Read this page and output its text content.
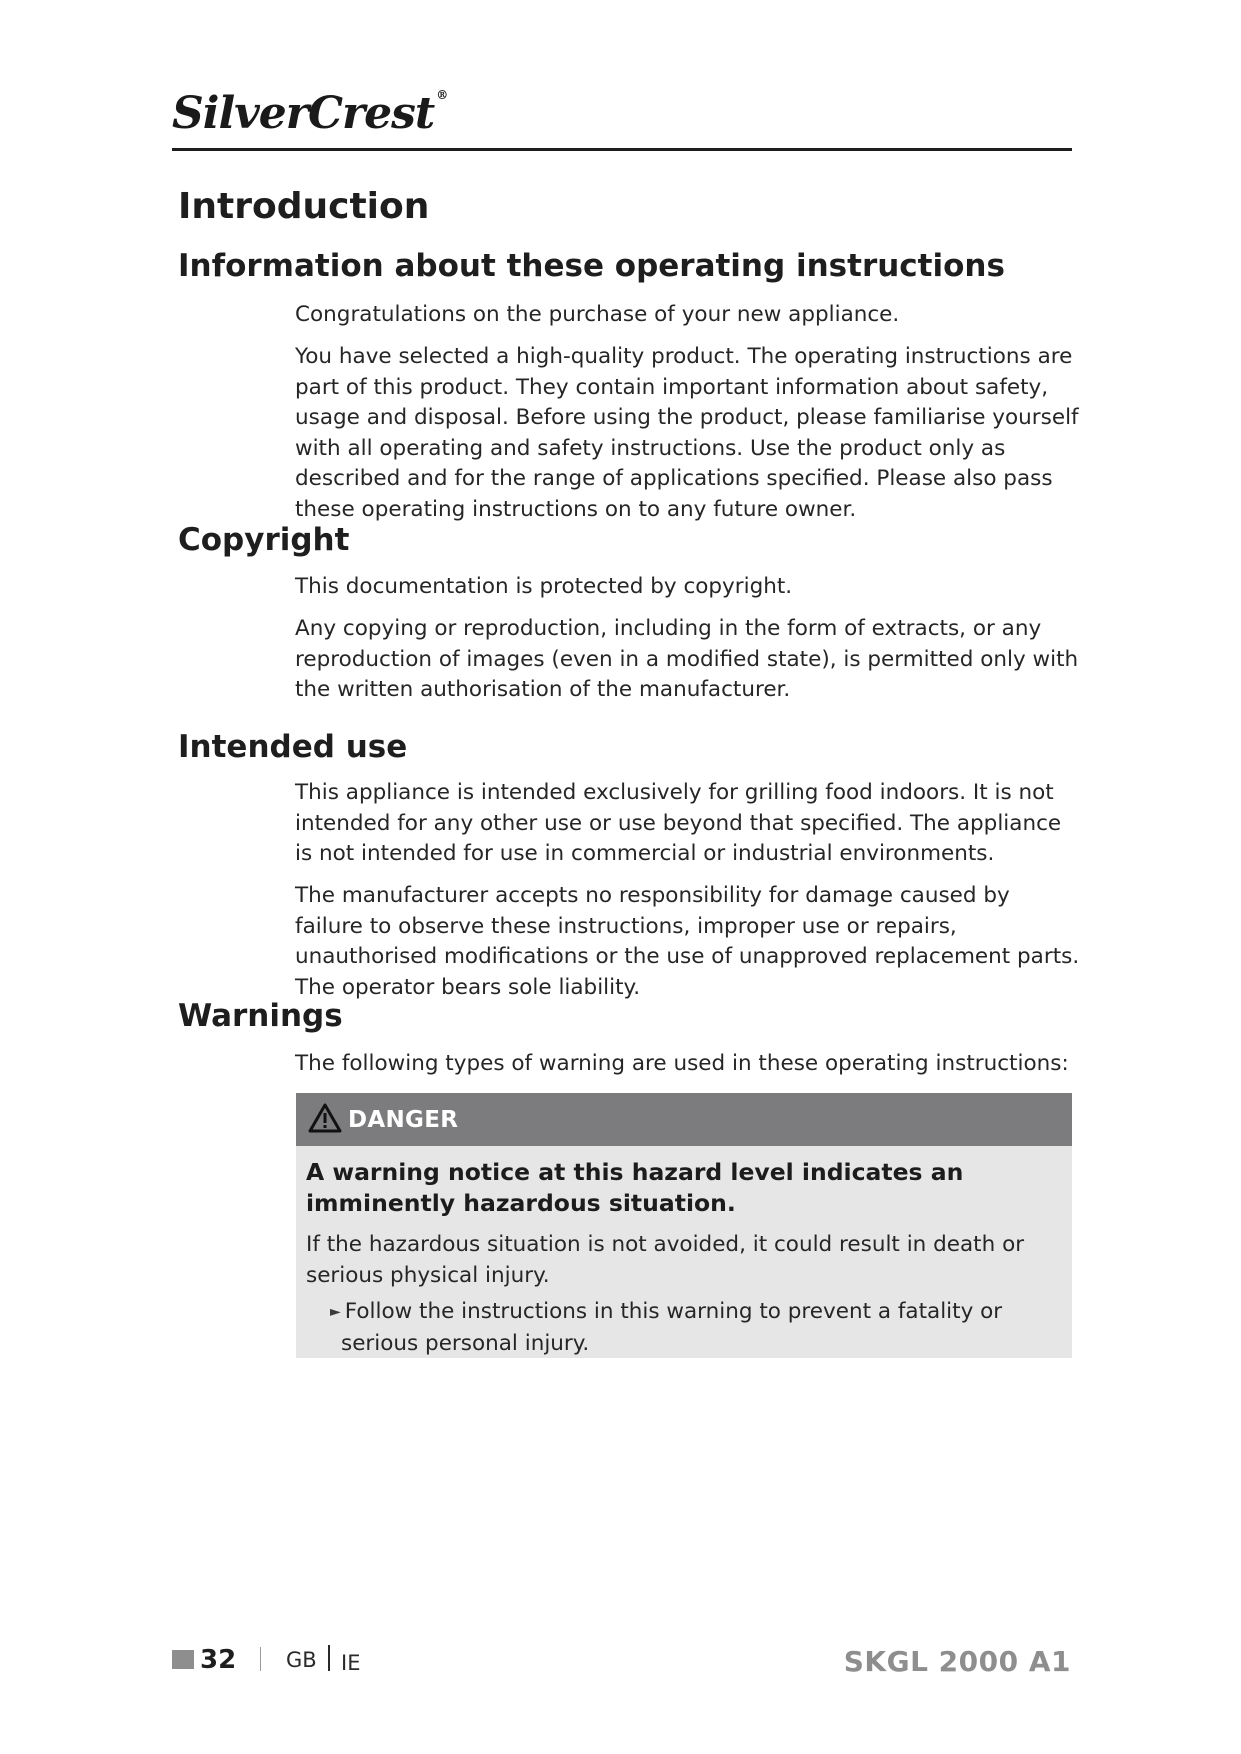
SilverCrest ®
Introduction
Information about these operating instructions

Congratulations on the purchase of your new appliance.

You have selected a high-quality product. The operating instructions are part of this product. They contain important information about safety, usage and disposal. Before using the product, please familiarise yourself with all operating and safety instructions. Use the product only as described and for the range of applications specified. Please also pass these operating instructions on to any future owner.

Copyright

This documentation is protected by copyright.

Any copying or reproduction, including in the form of extracts, or any reproduction of images (even in a modified state), is permitted only with the written authorisation of the manufacturer.

Intended use

This appliance is intended exclusively for grilling food indoors. It is not intended for any other use or use beyond that specified. The appliance is not intended for use in commercial or industrial environments.

The manufacturer accepts no responsibility for damage caused by failure to observe these instructions, improper use or repairs, unauthorised modifications or the use of unapproved replacement parts. The operator bears sole liability.

Warnings

The following types of warning are used in these operating instructions:

DANGER

A warning notice at this hazard level indicates an imminently hazardous situation.

If the hazardous situation is not avoided, it could result in death or serious physical injury.

► Follow the instructions in this warning to prevent a fatality or serious personal injury.

32 GB IE	SKGL 2000 A1
